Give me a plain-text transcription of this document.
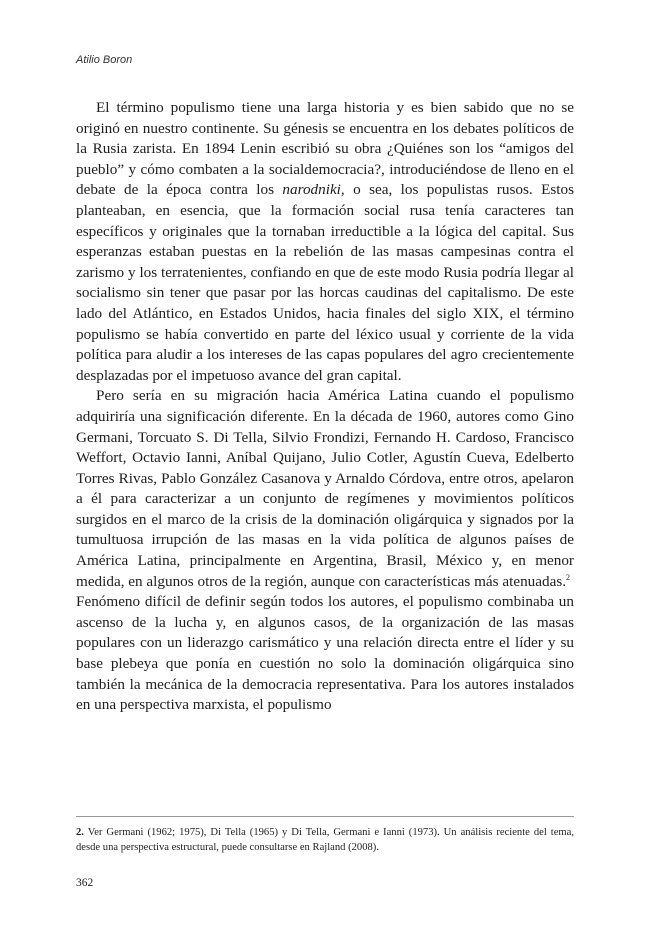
Atilio Boron

El término populismo tiene una larga historia y es bien sabido que no se originó en nuestro continente. Su génesis se encuentra en los debates políticos de la Rusia zarista. En 1894 Lenin escribió su obra ¿Quiénes son los “amigos del pueblo” y cómo combaten a la socialdemocracia?, introduciéndose de lleno en el debate de la época contra los narodniki, o sea, los populistas rusos. Estos planteaban, en esencia, que la formación social rusa tenía caracteres tan específicos y originales que la tornaban irreductible a la lógica del capital. Sus esperanzas estaban puestas en la rebelión de las masas campesinas contra el zarismo y los terratenientes, confiando en que de este modo Rusia podría llegar al socialismo sin tener que pasar por las horcas caudinas del capitalismo. De este lado del Atlántico, en Estados Unidos, hacia finales del siglo XIX, el término populismo se había convertido en parte del léxico usual y corriente de la vida política para aludir a los intereses de las capas populares del agro crecientemente desplazadas por el impetuoso avance del gran capital.

Pero sería en su migración hacia América Latina cuando el populismo adquiriría una significación diferente. En la década de 1960, autores como Gino Germani, Torcuato S. Di Tella, Silvio Frondizi, Fernando H. Cardoso, Francisco Weffort, Octavio Ianni, Aníbal Quijano, Julio Cotler, Agustín Cueva, Edelberto Torres Rivas, Pablo González Casanova y Arnaldo Córdova, entre otros, apelaron a él para caracterizar a un conjunto de regímenes y movimientos políticos surgidos en el marco de la crisis de la dominación oligárquica y signados por la tumultuosa irrupción de las masas en la vida política de algunos países de América Latina, principalmente en Argentina, Brasil, México y, en menor medida, en algunos otros de la región, aunque con características más atenuadas.$^2$

Fenómeno difícil de definir según todos los autores, el populismo combinaba un ascenso de la lucha y, en algunos casos, de la organización de las masas populares con un liderazgo carismático y una relación directa entre el líder y su base plebeya que ponía en cuestión no solo la dominación oligárquica sino también la mecánica de la democracia representativa. Para los autores instalados en una perspectiva marxista, el populismo

2. Ver Germani (1962; 1975), Di Tella (1965) y Di Tella, Germani e Ianni (1973). Un análisis reciente del tema, desde una perspectiva estructural, puede consultarse en Rajland (2008).
362
